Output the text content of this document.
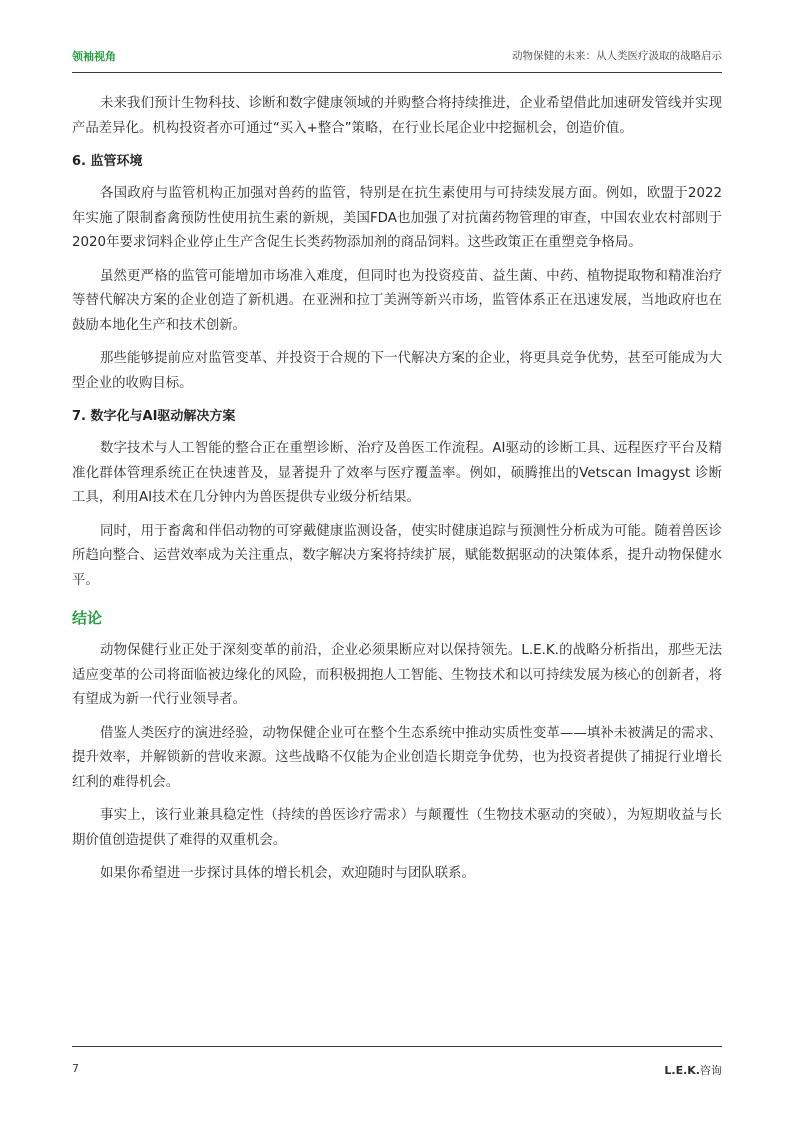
领袖视角	动物保健的未来：从人类医疗汲取的战略启示

未来我们预计生物科技、诊断和数字健康领域的并购整合将持续推进，企业希望借此加速研发管线并实现产品差异化。机构投资者亦可通过“买入+整合”策略，在行业长尾企业中挖掘机会，创造价值。

6. 监管环境

各国政府与监管机构正加强对兽药的监管，特别是在抗生素使用与可持续发展方面。例如，欧盟于2022年实施了限制畜禽预防性使用抗生素的新规，美国FDA也加强了对抗菌药物管理的审查，中国农业农村部则于2020年要求饲料企业停止生产含促生长类药物添加剂的商品饲料。这些政策正在重塑竞争格局。

虽然更严格的监管可能增加市场准入难度，但同时也为投资疫苗、益生菌、中药、植物提取物和精准治疗等替代解决方案的企业创造了新机遇。在亚洲和拉丁美洲等新兴市场，监管体系正在迅速发展，当地政府也在鼓励本地化生产和技术创新。

那些能够提前应对监管变革、并投资于合规的下一代解决方案的企业，将更具竞争优势，甚至可能成为大型企业的收购目标。

7. 数字化与AI驱动解决方案

数字技术与人工智能的整合正在重塑诊断、治疗及兽医工作流程。AI驱动的诊断工具、远程医疗平台及精准化群体管理系统正在快速普及，显著提升了效率与医疗覆盖率。例如，硕腾推出的Vetscan Imagyst 诊断工具，利用AI技术在几分钟内为兽医提供专业级分析结果。

同时，用于畜禽和伴侣动物的可穿戴健康监测设备，使实时健康追踪与预测性分析成为可能。随着兽医诊所趋向整合、运营效率成为关注重点，数字解决方案将持续扩展，赋能数据驱动的决策体系，提升动物保健水平。

结论

动物保健行业正处于深刻变革的前沿，企业必须果断应对以保持领先。L.E.K.的战略分析指出，那些无法适应变革的公司将面临被边缘化的风险，而积极拥抱人工智能、生物技术和以可持续发展为核心的创新者，将有望成为新一代行业领导者。

借鉴人类医疗的演进经验，动物保健企业可在整个生态系统中推动实质性变革——填补未被满足的需求、提升效率，并解锁新的营收来源。这些战略不仅能为企业创造长期竞争优势，也为投资者提供了捕捉行业增长红利的难得机会。

事实上，该行业兼具稳定性（持续的兽医诊疗需求）与颠覆性（生物技术驱动的突破），为短期收益与长期价值创造提供了难得的双重机会。

如果你希望进一步探讨具体的增长机会，欢迎随时与团队联系。

7	L.E.K.咨询
